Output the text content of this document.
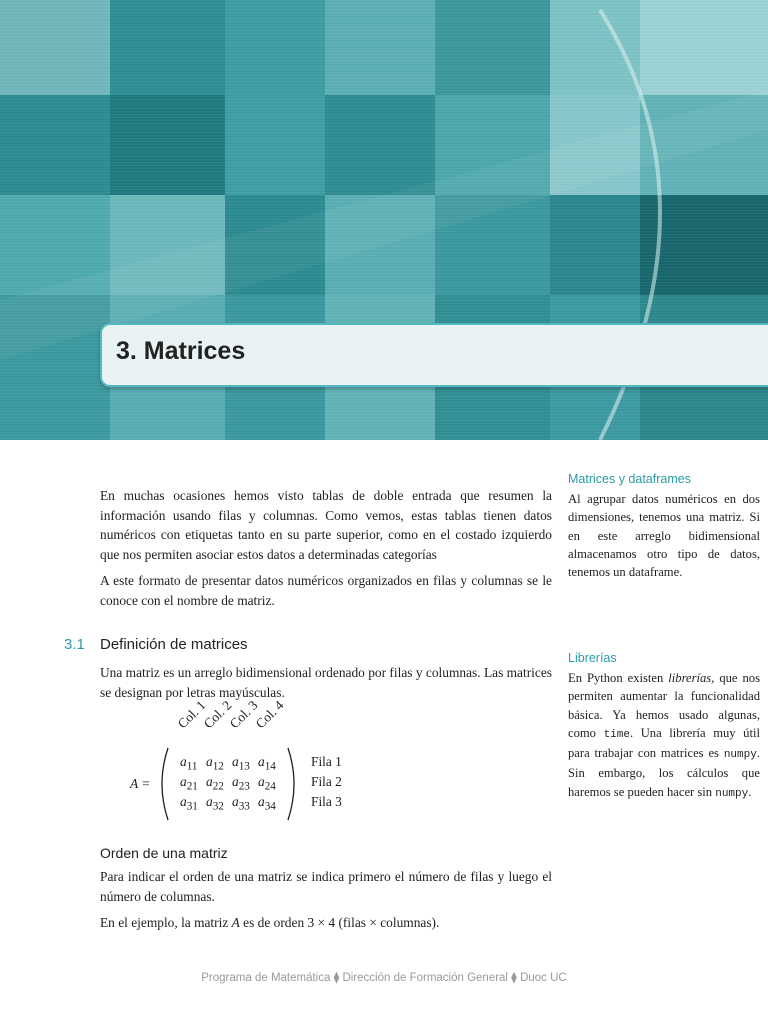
3. Matrices

En muchas ocasiones hemos visto tablas de doble entrada que resumen la información usando filas y columnas. Como vemos, estas tablas tienen datos numéricos con etiquetas tanto en su parte superior, como en el costado izquierdo que nos permiten asociar estos datos a determinadas categorías

A este formato de presentar datos numéricos organizados en filas y columnas se le conoce con el nombre de matriz.

3.1 Definición de matrices

Una matriz es un arreglo bidimensional ordenado por filas y columnas. Las matrices se designan por letras mayúsculas.

A =
Col. 1
Col. 2
Col. 3
Col. 4
$a_{11}$ $a_{12}$ $a_{13}$ $a_{14}$
$a_{21}$ $a_{22}$ $a_{23}$ $a_{24}$
$a_{31}$ $a_{32}$ $a_{33}$ $a_{34}$
Fila 1
Fila 2
Fila 3
Orden de una matriz

Para indicar el orden de una matriz se indica primero el número de filas y luego el número de columnas.

En el ejemplo, la matriz A es de orden 3 × 4 (filas × columnas).

Matrices y dataframes

Al agrupar datos numéricos en dos dimensiones, tenemos una matriz. Si en este arreglo bidimensional almacenamos otro tipo de datos, tenemos un dataframe.

Librerías

En Python existen librerías, que nos permiten aumentar la funcionalidad básica. Ya hemos usado algunas, como time. Una librería muy útil para trabajar con matrices es numpy. Sin embargo, los cálculos que haremos se pueden hacer sin numpy.

Programa de Matemática ⧫ Dirección de Formación General ⧫ Duoc UC
